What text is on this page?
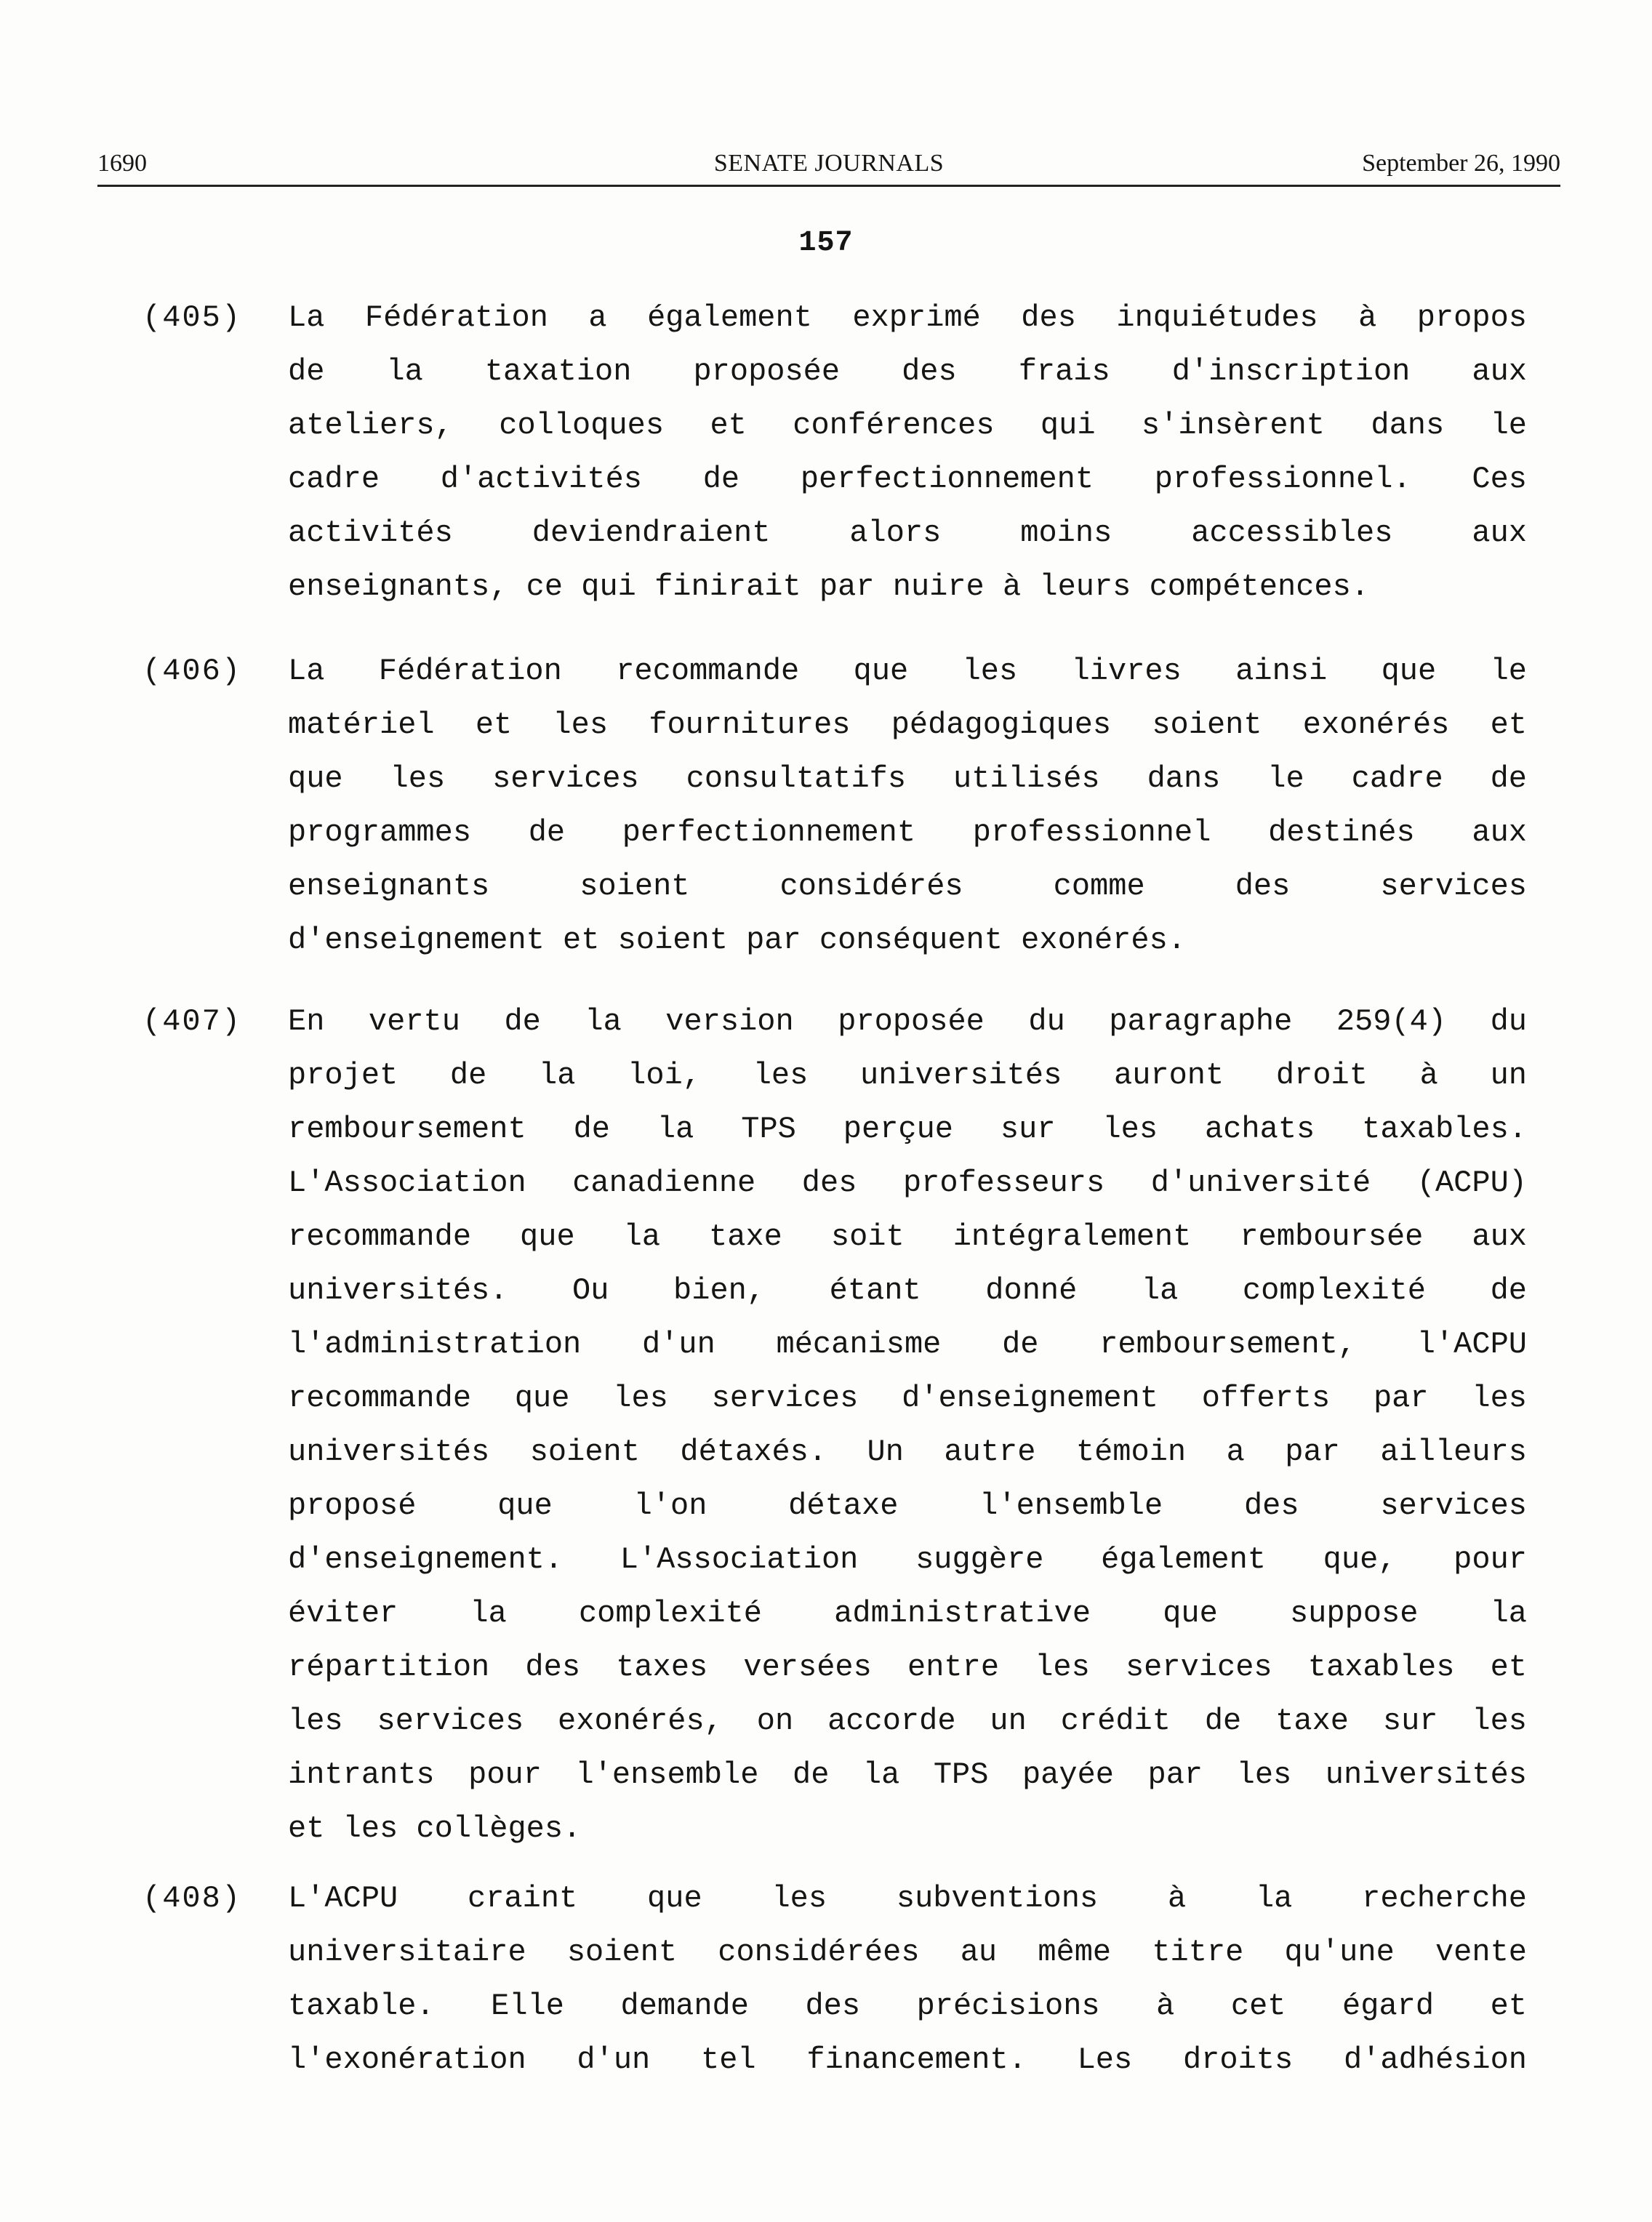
1690	SENATE JOURNALS	September 26, 1990
157
(405)	La Fédération a également exprimé des inquiétudes à propos
de la taxation proposée des frais d'inscription aux
ateliers, colloques et conférences qui s'insèrent dans le
cadre d'activités de perfectionnement professionnel. Ces
activités deviendraient alors moins accessibles aux
enseignants, ce qui finirait par nuire à leurs compétences.
(406)	La Fédération recommande que les livres ainsi que le
matériel et les fournitures pédagogiques soient exonérés et
que les services consultatifs utilisés dans le cadre de
programmes de perfectionnement professionnel destinés aux
enseignants soient considérés comme des services
d'enseignement et soient par conséquent exonérés.
(407)	En vertu de la version proposée du paragraphe 259(4) du
projet de la loi, les universités auront droit à un
remboursement de la TPS perçue sur les achats taxables.
L'Association canadienne des professeurs d'université (ACPU)
recommande que la taxe soit intégralement remboursée aux
universités. Ou bien, étant donné la complexité de
l'administration d'un mécanisme de remboursement, l'ACPU
recommande que les services d'enseignement offerts par les
universités soient détaxés. Un autre témoin a par ailleurs
proposé que l'on détaxe l'ensemble des services
d'enseignement. L'Association suggère également que, pour
éviter la complexité administrative que suppose la
répartition des taxes versées entre les services taxables et
les services exonérés, on accorde un crédit de taxe sur les
intrants pour l'ensemble de la TPS payée par les universités
et les collèges.
(408)	L'ACPU craint que les subventions à la recherche
universitaire soient considérées au même titre qu'une vente
taxable. Elle demande des précisions à cet égard et
l'exonération d'un tel financement. Les droits d'adhésion
